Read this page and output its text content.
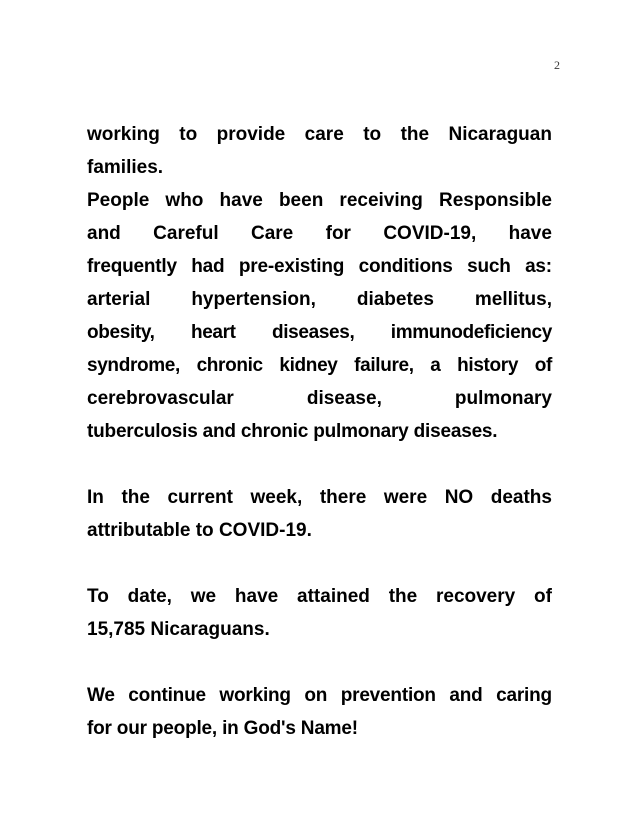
2
working to provide care to the Nicaraguan
families.
People who have been receiving Responsible
and Careful Care for COVID-19, have
frequently had pre-existing conditions such as:
arterial hypertension, diabetes mellitus,
obesity, heart diseases, immunodeficiency
syndrome, chronic kidney failure, a history of
cerebrovascular	disease,	pulmonary
tuberculosis and chronic pulmonary diseases.
In the current week, there were NO deaths
attributable to COVID-19.
To date, we have attained the recovery of
15,785 Nicaraguans.
We continue working on prevention and caring
for our people, in God's Name!
